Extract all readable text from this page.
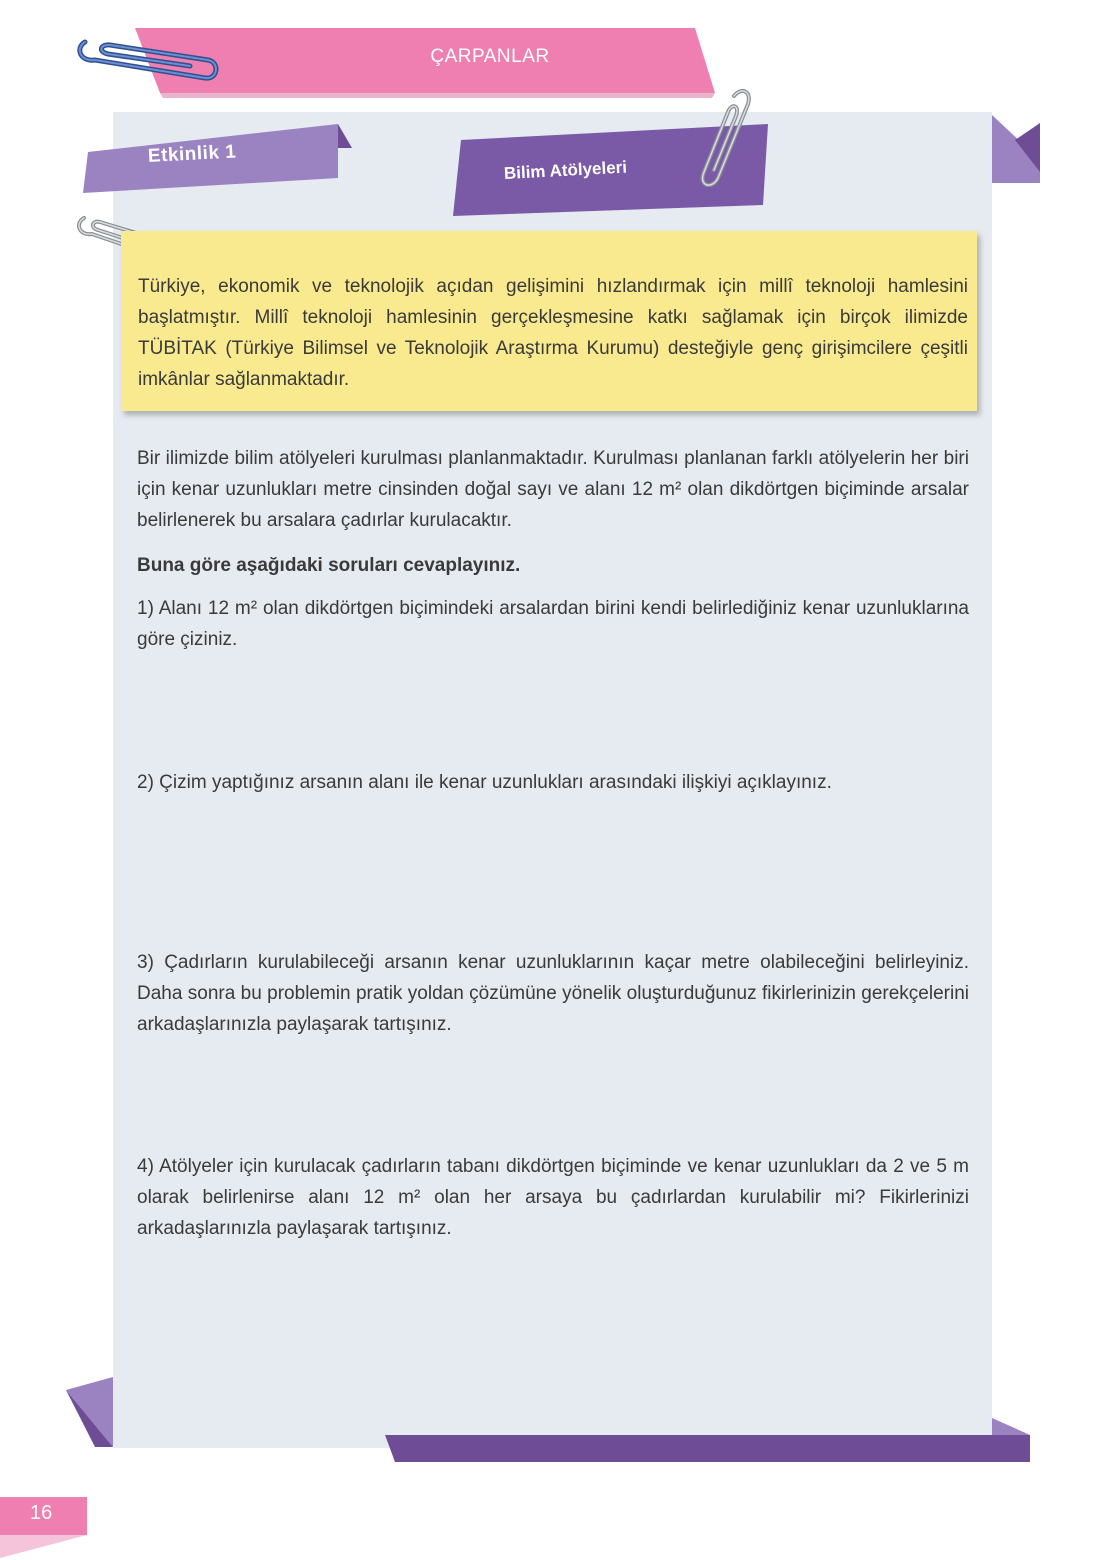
ÇARPANLAR
Etkinlik 1
Bilim Atölyeleri

Türkiye, ekonomik ve teknolojik açıdan gelişimini hızlandırmak için millî teknoloji hamlesini başlatmıştır. Millî teknoloji hamlesinin gerçekleşmesine katkı sağlamak için birçok ilimizde TÜBİTAK (Türkiye Bilimsel ve Teknolojik Araştırma Kurumu) desteğiyle genç girişimcilere çeşitli imkânlar sağlanmaktadır.

Bir ilimizde bilim atölyeleri kurulması planlanmaktadır. Kurulması planlanan farklı atölyelerin her biri için kenar uzunlukları metre cinsinden doğal sayı ve alanı 12 m² olan dikdörtgen biçiminde arsalar belirlenerek bu arsalara çadırlar kurulacaktır.

Buna göre aşağıdaki soruları cevaplayınız.

1) Alanı 12 m² olan dikdörtgen biçimindeki arsalardan birini kendi belirlediğiniz kenar uzunluklarına göre çiziniz.

2) Çizim yaptığınız arsanın alanı ile kenar uzunlukları arasındaki ilişkiyi açıklayınız.

3) Çadırların kurulabileceği arsanın kenar uzunluklarının kaçar metre olabileceğini belirleyiniz. Daha sonra bu problemin pratik yoldan çözümüne yönelik oluşturduğunuz fikirlerinizin gerekçelerini arkadaşlarınızla paylaşarak tartışınız.

4) Atölyeler için kurulacak çadırların tabanı dikdörtgen biçiminde ve kenar uzunlukları da 2 ve 5 m olarak belirlenirse alanı 12 m² olan her arsaya bu çadırlardan kurulabilir mi? Fikirlerinizi arkadaşlarınızla paylaşarak tartışınız.

16
